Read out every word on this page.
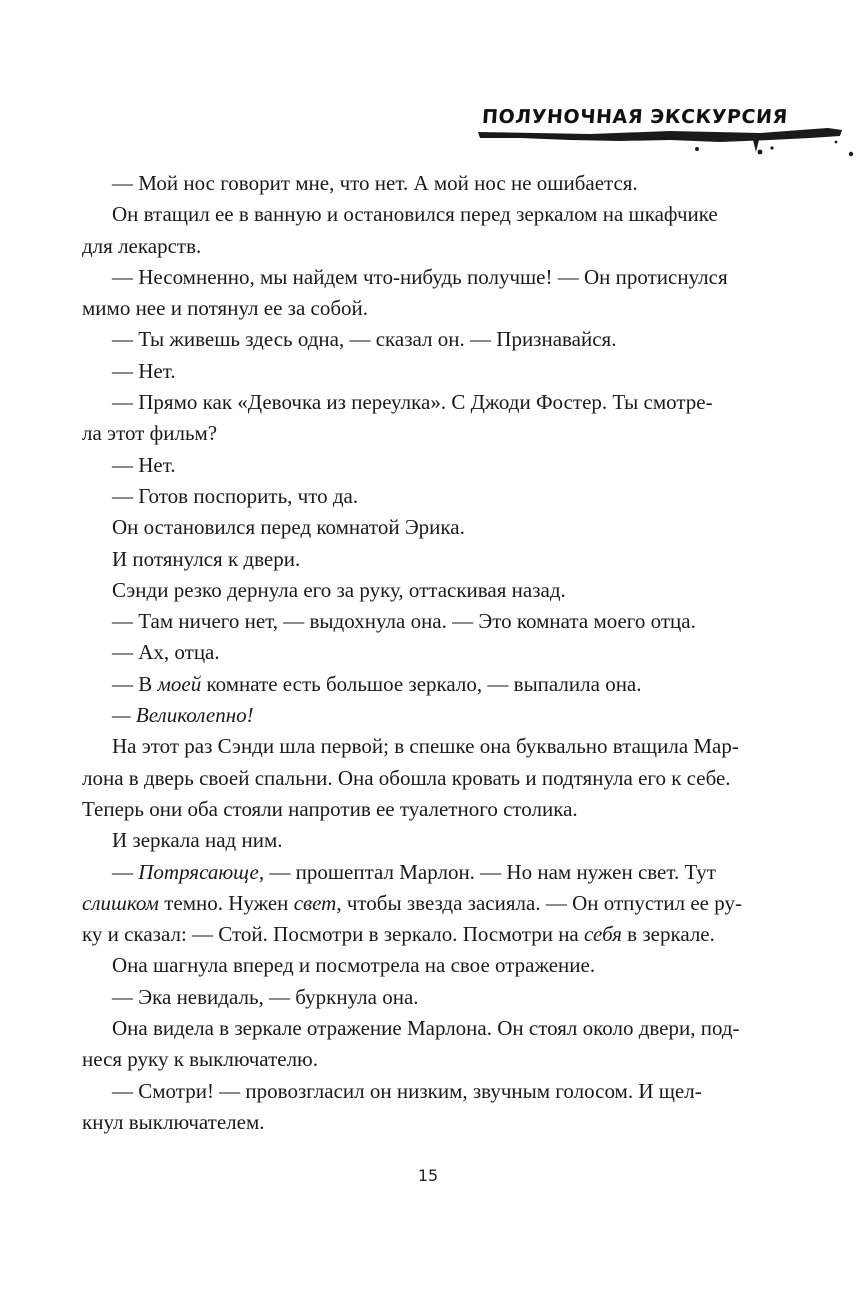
ПОЛУНОЧНАЯ ЭКСКУРСИЯ

— Мой нос говорит мне, что нет. А мой нос не ошибается.

Он втащил ее в ванную и остановился перед зеркалом на шкафчике

для лекарств.

— Несомненно, мы найдем что-нибудь получше! — Он протиснулся

мимо нее и потянул ее за собой.

— Ты живешь здесь одна, — сказал он. — Признавайся.

— Нет.

— Прямо как «Девочка из переулка». С Джоди Фостер. Ты смотре-

ла этот фильм?

— Нет.

— Готов поспорить, что да.

Он остановился перед комнатой Эрика.

И потянулся к двери.

Сэнди резко дернула его за руку, оттаскивая назад.

— Там ничего нет, — выдохнула она. — Это комната моего отца.

— Ах, отца.

— В моей комнате есть большое зеркало, — выпалила она.

— Великолепно!

На этот раз Сэнди шла первой; в спешке она буквально втащила Мар-

лона в дверь своей спальни. Она обошла кровать и подтянула его к себе.

Теперь они оба стояли напротив ее туалетного столика.

И зеркала над ним.

— Потрясающе, — прошептал Марлон. — Но нам нужен свет. Тут

слишком темно. Нужен свет, чтобы звезда засияла. — Он отпустил ее ру-

ку и сказал: — Стой. Посмотри в зеркало. Посмотри на себя в зеркале.

Она шагнула вперед и посмотрела на свое отражение.

— Эка невидаль, — буркнула она.

Она видела в зеркале отражение Марлона. Он стоял около двери, под-

неся руку к выключателю.

— Смотри! — провозгласил он низким, звучным голосом. И щел-

кнул выключателем.

15
